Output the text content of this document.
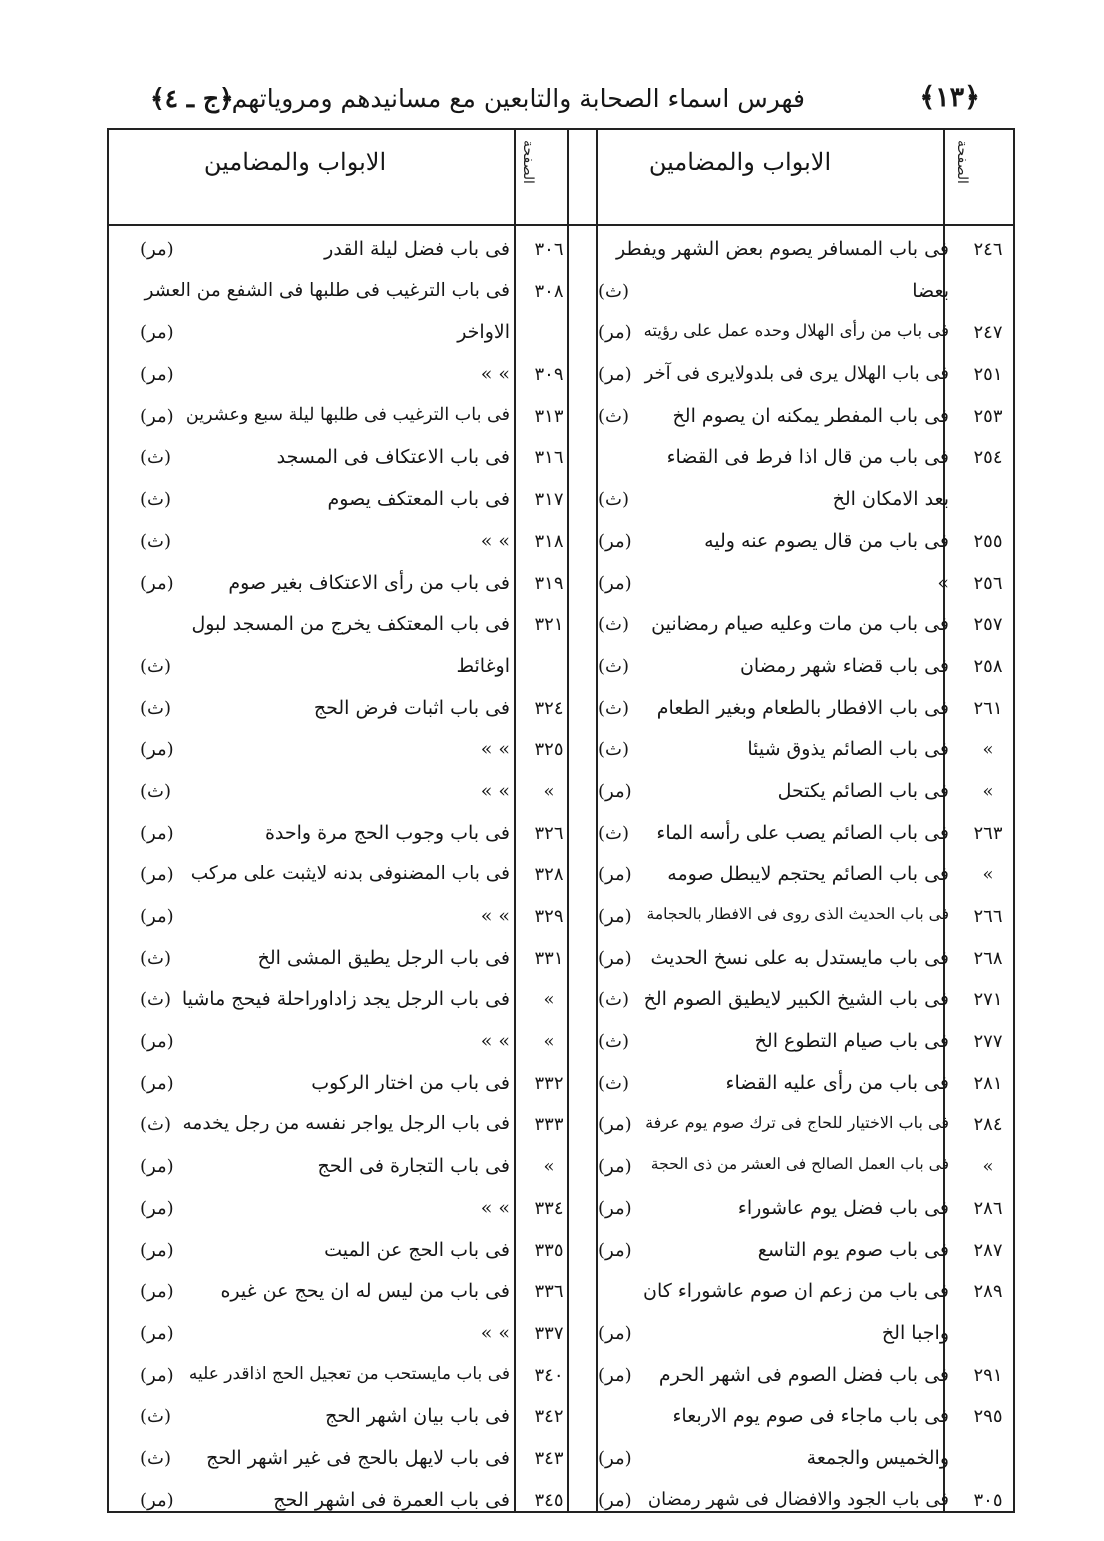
﴿١٣﴾
فهرس اسماء الصحابة والتابعين مع مسانيدهم ومروياتهم
﴿ج ـ ٤﴾
الابواب والمضامين	الصفحة
الابواب والمضامين	الصفحة
٢٤٦
فى باب المسافر يصوم بعض الشهر ويفطر
بعضا
(ث)
٢٤٧
فى باب من رأى الهلال وحده عمل على رؤيته
(مر)
٢٥١
فى باب الهلال يرى فى بلدولايرى فى آخر
(مر)
٢٥٣
فى باب المفطر يمكنه ان يصوم الخ
(ث)
٢٥٤
فى باب من قال اذا فرط فى القضاء
بعد الامكان الخ
(ث)
٢٥٥
فى باب من قال يصوم عنه وليه
(مر)
٢٥٦
»
(مر)
٢٥٧
فى باب من مات وعليه صيام رمضانين
(ث)
٢٥٨
فى باب قضاء شهر رمضان
(ث)
٢٦١
فى باب الافطار بالطعام وبغير الطعام
(ث)
»
فى باب الصائم يذوق شيئا
(ث)
»
فى باب الصائم يكتحل
(مر)
٢٦٣
فى باب الصائم يصب على رأسه الماء
(ث)
»
فى باب الصائم يحتجم لايبطل صومه
(مر)
٢٦٦
فى باب الحديث الذى روى فى الافطار بالحجامة
(مر)
٢٦٨
فى باب مايستدل به على نسخ الحديث
(مر)
٢٧١
فى باب الشيخ الكبير لايطيق الصوم الخ
(ث)
٢٧٧
فى باب صيام التطوع الخ
(ث)
٢٨١
فى باب من رأى عليه القضاء
(ث)
٢٨٤
فى باب الاختيار للحاج فى ترك صوم يوم عرفة
(مر)
»
فى باب العمل الصالح فى العشر من ذى الحجة
(مر)
٢٨٦
فى باب فضل يوم عاشوراء
(مر)
٢٨٧
فى باب صوم يوم التاسع
(مر)
٢٨٩
فى باب من زعم ان صوم عاشوراء كان
واجبا الخ
(مر)
٢٩١
فى باب فضل الصوم فى اشهر الحرم
(مر)
٢٩٥
فى باب ماجاء فى صوم يوم الاربعاء
والخميس والجمعة
(مر)
٣٠٥
فى باب الجود والافضال فى شهر رمضان
(مر)
٣٠٦
فى باب فضل ليلة القدر
(مر)
٣٠٨
فى باب الترغيب فى طلبها فى الشفع من العشر
الاواخر
(مر)
٣٠٩
» »
(مر)
٣١٣
فى باب الترغيب فى طلبها ليلة سبع وعشرين
(مر)
٣١٦
فى باب الاعتكاف فى المسجد
(ث)
٣١٧
فى باب المعتكف يصوم
(ث)
٣١٨
» »
(ث)
٣١٩
فى باب من رأى الاعتكاف بغير صوم
(مر)
٣٢١
فى باب المعتكف يخرج من المسجد لبول
اوغائط
(ث)
٣٢٤
فى باب اثبات فرض الحج
(ث)
٣٢٥
» »
(مر)
»
» »
(ث)
٣٢٦
فى باب وجوب الحج مرة واحدة
(مر)
٣٢٨
فى باب المضنوفى بدنه لايثبت على مركب
(مر)
٣٢٩
» »
(مر)
٣٣١
فى باب الرجل يطيق المشى الخ
(ث)
»
فى باب الرجل يجد زاداوراحلة فيحج ماشيا
(ث)
»
» »
(مر)
٣٣٢
فى باب من اختار الركوب
(مر)
٣٣٣
فى باب الرجل يواجر نفسه من رجل يخدمه
(ث)
»
فى باب التجارة فى الحج
(مر)
٣٣٤
» »
(مر)
٣٣٥
فى باب الحج عن الميت
(مر)
٣٣٦
فى باب من ليس له ان يحج عن غيره
(مر)
٣٣٧
» »
(مر)
٣٤٠
فى باب مايستحب من تعجيل الحج اذاقدر عليه
(مر)
٣٤٢
فى باب بيان اشهر الحج
(ث)
٣٤٣
فى باب لايهل بالحج فى غير اشهر الحج
(ث)
٣٤٥
فى باب العمرة فى اشهر الحج
(مر)
